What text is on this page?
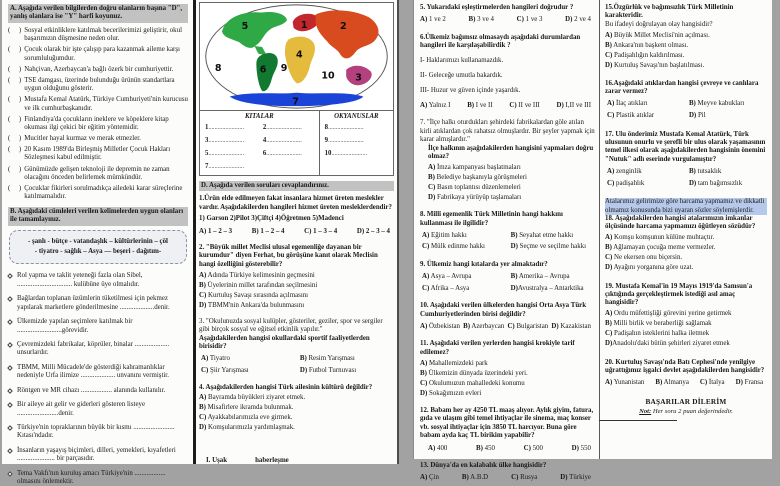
A. Aşağıda verilen bilgilerden doğru olanların başına "D", yanlış olanlara ise "Y" harfi koyunuz.
(     ) Sosyal etkinliklere katılmak becerilerimizi geliştirir, okul başarımızın düşmesine neden olur.
(     ) Çocuk olarak bir işte çalışıp para kazanmak aileme karşı sorumluluğumdur.
(     ) Nahçivan, Azerbaycan'a bağlı özerk bir cumhuriyettir.
(     ) TSE damgası, üzerinde bulunduğu ürünün standartlara uygun olduğunu gösterir.
(     ) Mustafa Kemal Atatürk, Türkiye Cumhuriyeti'nin kurucusu ve ilk cumhurbaşkanıdır.
(     ) Finlandiya'da çocukların ineklere ve köpeklere kitap okuması ilgi çekici bir eğitim yöntemidir.
(     ) Mucitler hayal kurmaz ve merak etmezler.
(     ) 20 Kasım 1989'da Birleşmiş Milletler Çocuk Hakları Sözleşmesi kabul edilmiştir.
(     ) Günümüzde gelişen teknoloji ile depremin ne zaman olacağını önceden belirlemek mümkündür.
(     ) Çocuklar fikirleri sorulmadıkça ailedeki karar süreçlerine katılmamalıdır.
B. Aşağıdaki cümleleri verilen kelimelerden uygun olanları ile tamamlayınız.
- şanlı - bütçe - vatandaşlık – kültürlerinin – çöl
- tiyatro - sağlık – Asya — beşeri - dağıtım-
Rol yapma ve taklit yeteneği fazla olan Sibel, ................................ kulübüne üye olmalıdır.
Bağlardan toplanan üzümlerin tüketilmesi için pekmez yapılarak marketlere gönderilmesine ....................denir.
Ülkemizde yapılan seçimlere katılmak bir ..........................görevidir.
Çevremizdeki fabrikalar, köprüler, binalar .................... unsurlardır.
TBMM, Milli Mücadele'de gösterdiği kahramanlıklar nedeniyle Urfa ilimize .................... unvanını vermiştir.
Röntgen ve MR cihazı .................. alanında kullanılır.
Bir aileye ait gelir ve giderleri gösteren listeye ........................denir.
Türkiye'nin topraklarının büyük bir kısmı ........................ Kıtası'ndadır.
İnsanların yaşayış biçimleri, dilleri, yemekleri, kıyafetleri ...................... bir parçasıdır.
Tema Vakfı'nın kuruluş amacı Türkiye'nin .................. olmasını önlemektir.
1	2
3
4
5
6
7
8	9
10
KITALAR
1.......................	2.......................
3.......................	4.......................
5.......................	6.......................
7.......................
OKYANUSLAR
8.......................
9.......................
10.......................
D. Aşağıda verilen soruları cevaplandırınız.
1.Ürün elde edilmeyen fakat insanlara hizmet üreten meslekler vardır. Aşağıdakilerden hangileri hizmet üreten mesleklerdendir?
1) Garson 2)Pilot 3)Çiftçi 4)Öğretmen 5)Madenci
A) 1 – 2 – 3	B) 1 – 2 – 4	C) 1 – 3 – 4	D) 2 – 3 – 4
2. "Büyük millet Meclisi ulusal egemenliğe dayanan bir kurumdur" diyen Ferhat, bu görüşüne kanıt olarak Meclisin hangi özelliğini gösterebilir?
A) Adında Türkiye kelimesinin geçmesini
B) Üyelerinin millet tarafından seçilmesini
C) Kurtuluş Savaşı sırasında açılmasını
D) TBMM'nin Ankara'da bulunmasını
3. "Okulunuzda sosyal kulüpler, gösteriler, geziler, spor ve sergiler gibi birçok sosyal ve eğitsel etkinlik yapılır."
Aşağıdakilerden hangisi okullardaki sportif faaliyetlerden birisidir?
A) Tiyatro	B) Resim Yarışması
C) Şiir Yarışması	D) Futbol Turnuvası
4. Aşağıdakilerden hangisi Türk ailesinin kültürü değildir?
A) Bayramda büyükleri ziyaret etmek.
B) Misafirlere ikramda bulunmak.
C) Ayakkabılarımızla eve girmek.
D) Komşularımızla yardımlaşmak.
I. Uşak	haberleşme
5. Yukarıdaki eşleştirmelerden hangileri doğrudur ?
A) 1 ve 2	B) 3 ve 4	C) 1 ve 3	D) 2 ve 4
6.Ülkemiz bağımsız olmasaydı aşağıdaki durumlardan hangileri ile karşılaşabilirdik ?
I- Haklarımızı kullanamazdık.
II- Geleceğe umutla bakardık.
III- Huzur ve güven içinde yaşardık.
A) Yalnız I B) I ve II C) II ve III D) I,II ve III
7. "İlçe halkı oturdukları şehirdeki fabrikalardan göle atılan kirli atıklardan çok rahatsız olmuşlardır. Bir şeyler yapmak için karar almışlardır."
İlçe halkının aşağıdakilerden hangisini yapmaları doğru olmaz?
A) İmza kampanyası başlatmaları
B) Belediye başkanıyla görüşmeleri
C) Basın toplantısı düzenlemeleri
D) Fabrikaya yürüyüp taşlamaları
8. Milli egemenlik Türk Milletinin hangi hakkını kullanması ile ilgilidir?
A) Eğitim hakkı	B) Seyahat etme hakkı
C) Mülk edinme hakkı	D) Seçme ve seçilme hakkı
9. Ülkemiz hangi kıtalarda yer almaktadır?
A) Asya – Avrupa	B) Amerika – Avrupa
C) Afrika – Asya	D)Avustralya – Antarktika
10. Aşağıdaki verilen ülkelerden hangisi Orta Asya Türk Cumhuriyetlerinden birisi değildir?
A) Özbekistan B) Azerbaycan C) Bulgaristan D) Kazakistan
11. Aşağıdaki verilen yerlerden hangisi krokiyle tarif edilemez?
A) Mahallemizdeki park
B) Ülkemizin dünyada üzerindeki yeri.
C) Okulumuzun mahalledeki konumu
D) Sokağımızın evleri
12. Babam her ay 4250 TL maaş alıyor. Aylık giyim, fatura, gıda ve ulaşım gibi temel ihtiyaçlar ile sinema, maç konser vb. sosyal ihtiyaçlar için 3850 TL harcıyor. Buna göre babam ayda kaç TL birikim yapabilir?
A) 400	B) 450	C) 500	D) 550
13. Dünya'da en kalabalık ülke hangisidir?
A) Çin	B) A.B.D	C) Rusya	D) Türkiye
15.Özgürlük ve bağımsızlık Türk Milletinin karakteridir.
Bu ifadeyi doğrulayan olay hangisidir?
A) Büyük Millet Meclisi'nin açılması.
B) Ankara'nın başkent olması.
C) Padişahlığın kaldırılması.
D) Kurtuluş Savaşı'nın başlatılması.
16.Aşağıdaki atıklardan hangisi çevreye ve canlılara zarar vermez?
A) İlaç atıkları	B) Meyve kabukları
C) Plastik atıklar	D) Pil
17. Ulu önderimiz Mustafa Kemal Atatürk, Türk ulusunun onurlu ve şerefli bir ulus olarak yaşamasının temel ilkesi olarak aşağıdakilerden hangisinin önemini "Nutuk" adlı eserinde vurgulamıştır?
A) zenginlik	B) tutsaklık
C) padişahlık	D) tam bağımsızlık
Atalarımız gelirimize göre harcama yapmamız ve dikkatli olmamız konusunda bizi uyaran sözler söylemişlerdir.
18. Aşağıdakilerden hangisi atalarımızın imkanlar ölçüsünde harcama yapmamızı öğütleyen sözüdür?
A) Komşu komşunun külüne muhtaçtır.
B) Ağlamayan çocuğa meme vermezler.
C) Ne ekersen onu biçersin.
D) Ayağını yorganına göre uzat.
19. Mustafa Kemal'in 19 Mayıs 1919'da Samsun'a çıktığında gerçekleştirmek istediği asıl amaç hangisidir?
A) Ordu müfettişliği görevini yerine getirmek
B) Milli birlik ve beraberliği sağlamak
C) Padişahın isteklerini halka iletmek
D)Anadolu'daki bütün şehirleri ziyaret etmek
20. Kurtuluş Savaşı'nda Batı Cephesi'nde yenilgiye uğrattığımız işgalci devlet aşağıdakilerden hangisidir?
A) Yunanistan B) Almanya C) İtalya D) Fransa
BAŞARILAR DİLERİM
Not: Her soru 2 puan değerindedir.
